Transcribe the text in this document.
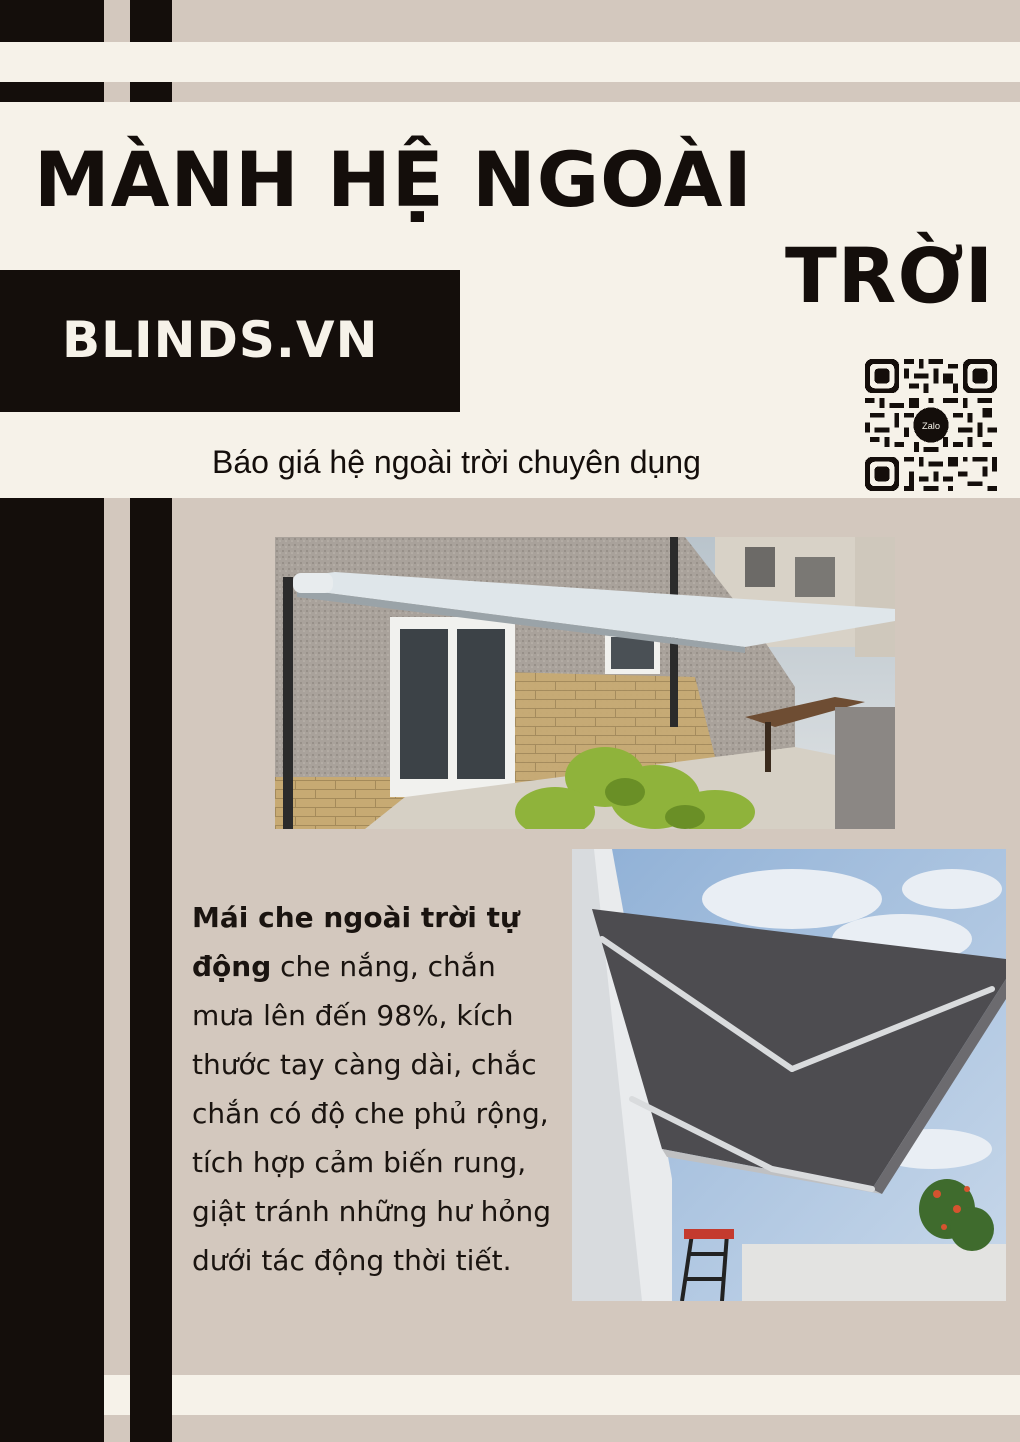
MÀNH HỆ NGOÀI
TRỜI
BLINDS.VN
Báo giá hệ ngoài trời chuyên dụng
Zalo
Mái che ngoài trời tự động che nắng, chắn mưa lên đến 98%, kích thước tay càng dài, chắc chắn có độ che phủ rộng, tích hợp cảm biến rung, giật tránh những hư hỏng dưới tác động thời tiết.
